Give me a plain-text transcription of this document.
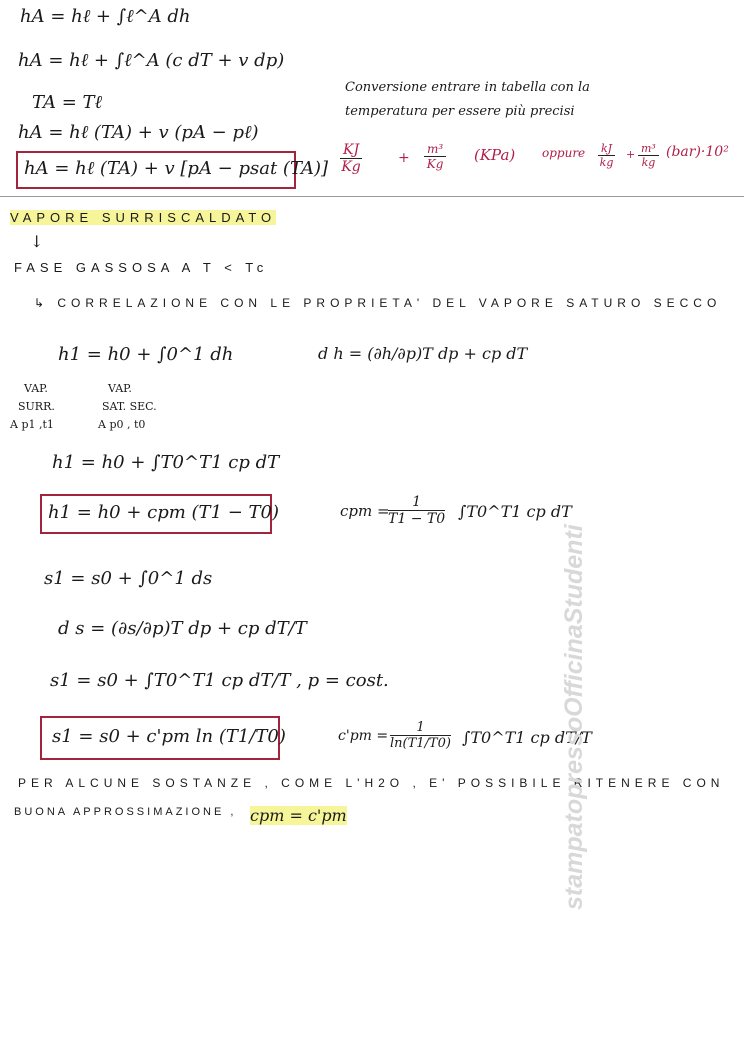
hA = hℓ + ∫ℓ^A dh
hA = hℓ + ∫ℓ^A (c dT + v dp)
TA = Tℓ
hA = hℓ (TA) + v (pA − pℓ)
hA = hℓ (TA) + v [pA − psat (TA)]
Conversione entrare in tabella con la
temperatura per essere più precisi
$\frac{KJ}{Kg}$	+ $\frac{\text{m³}}{Kg} (KPa)$ oppure $\frac{kJ}{kg} + \frac{\text{m³}}{kg} (bar)\cdot 10^2$
VAPORE SURRISCALDATO
↓
FASE GASSOSA A T < Tc
↳ CORRELAZIONE CON LE PROPRIETA' DEL VAPORE SATURO SECCO
h1 = h0 + ∫0^1 dh	d h = (∂h/∂p)T dp + cp dT
VAP.
SURR.
A p1 ,t1
VAP.
SAT. SEC.
A p0 , t0
h1 = h0 + ∫T0^T1 cp dT
h1 = h0 + cpm (T1 − T0)	cpm =
$\frac{1}{T1 - T0}$ ∫T0^T1 cp dT
s1 = s0 + ∫0^1 ds
d s = (∂s/∂p)T dp + cp dT/T
s1 = s0 + ∫T0^T1 cp dT/T , p = cost.
s1 = s0 + c'pm ln (T1/T0)	$c'pm = \frac{1}{\ln(T1/T0)}$ ∫T0^T1 cp dT/T
PER ALCUNE SOSTANZE , COME L'H2O , E' POSSIBILE RITENERE CON
BUONA APPROSSIMAZIONE , cpm = c'pm	stampatopressoOfficinaStudenti
